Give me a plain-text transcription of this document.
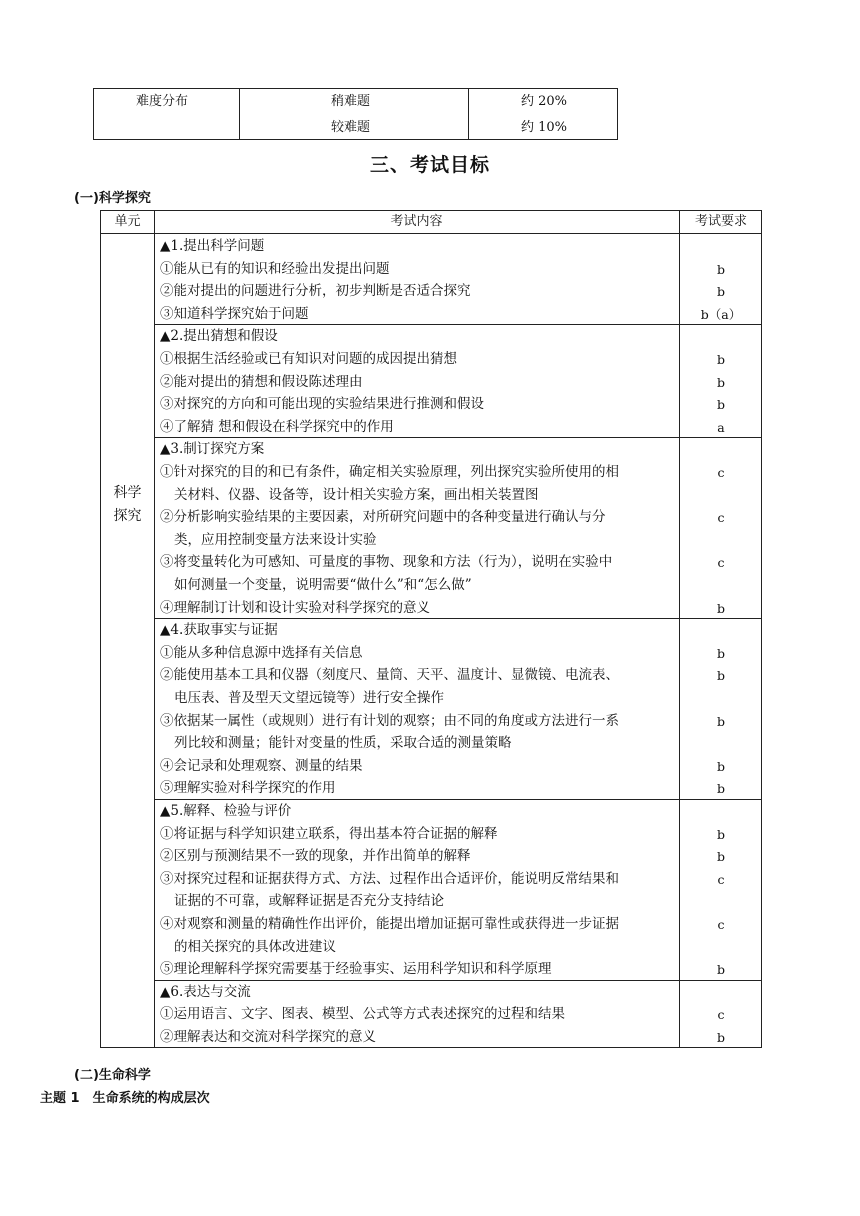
难度分布	稍难题	约 20%
较难题	约 10%
三、考试目标
(一)科学探究
单元	考试内容	考试要求
科学
探究
▲1.提出科学问题
①能从已有的知识和经验出发提出问题	b
②能对提出的问题进行分析，初步判断是否适合探究	b
③知道科学探究始于问题	b（a）
▲2.提出猜想和假设
①根据生活经验或已有知识对问题的成因提出猜想	b
②能对提出的猜想和假设陈述理由	b
③对探究的方向和可能出现的实验结果进行推测和假设	b
④了解猜 想和假设在科学探究中的作用	a
▲3.制订探究方案
①针对探究的目的和已有条件，确定相关实验原理，列出探究实验所使用的相
关材料、仪器、设备等，设计相关实验方案，画出相关装置图
c
②分析影响实验结果的主要因素，对所研究问题中的各种变量进行确认与分
类，应用控制变量方法来设计实验
c
③将变量转化为可感知、可量度的事物、现象和方法（行为），说明在实验中
如何测量一个变量，说明需要“做什么”和“怎么做”
c
④理解制订计划和设计实验对科学探究的意义	b
▲4.获取事实与证据
①能从多种信息源中选择有关信息	b
②能使用基本工具和仪器（刻度尺、量筒、天平、温度计、显微镜、电流表、
电压表、普及型天文望远镜等）进行安全操作
b
③依据某一属性（或规则）进行有计划的观察；由不同的角度或方法进行一系
列比较和测量；能针对变量的性质，采取合适的测量策略
b
④会记录和处理观察、测量的结果	b
⑤理解实验对科学探究的作用	b
▲5.解释、检验与评价
①将证据与科学知识建立联系，得出基本符合证据的解释	b
②区别与预测结果不一致的现象，并作出简单的解释	b
③对探究过程和证据获得方式、方法、过程作出合适评价，能说明反常结果和
证据的不可靠，或解释证据是否充分支持结论
c
④对观察和测量的精确性作出评价，能提出增加证据可靠性或获得进一步证据
的相关探究的具体改进建议
c
⑤理论理解科学探究需要基于经验事实、运用科学知识和科学原理	b
▲6.表达与交流
①运用语言、文字、图表、模型、公式等方式表述探究的过程和结果	c
②理解表达和交流对科学探究的意义	b
(二)生命科学
主题 1　生命系统的构成层次
